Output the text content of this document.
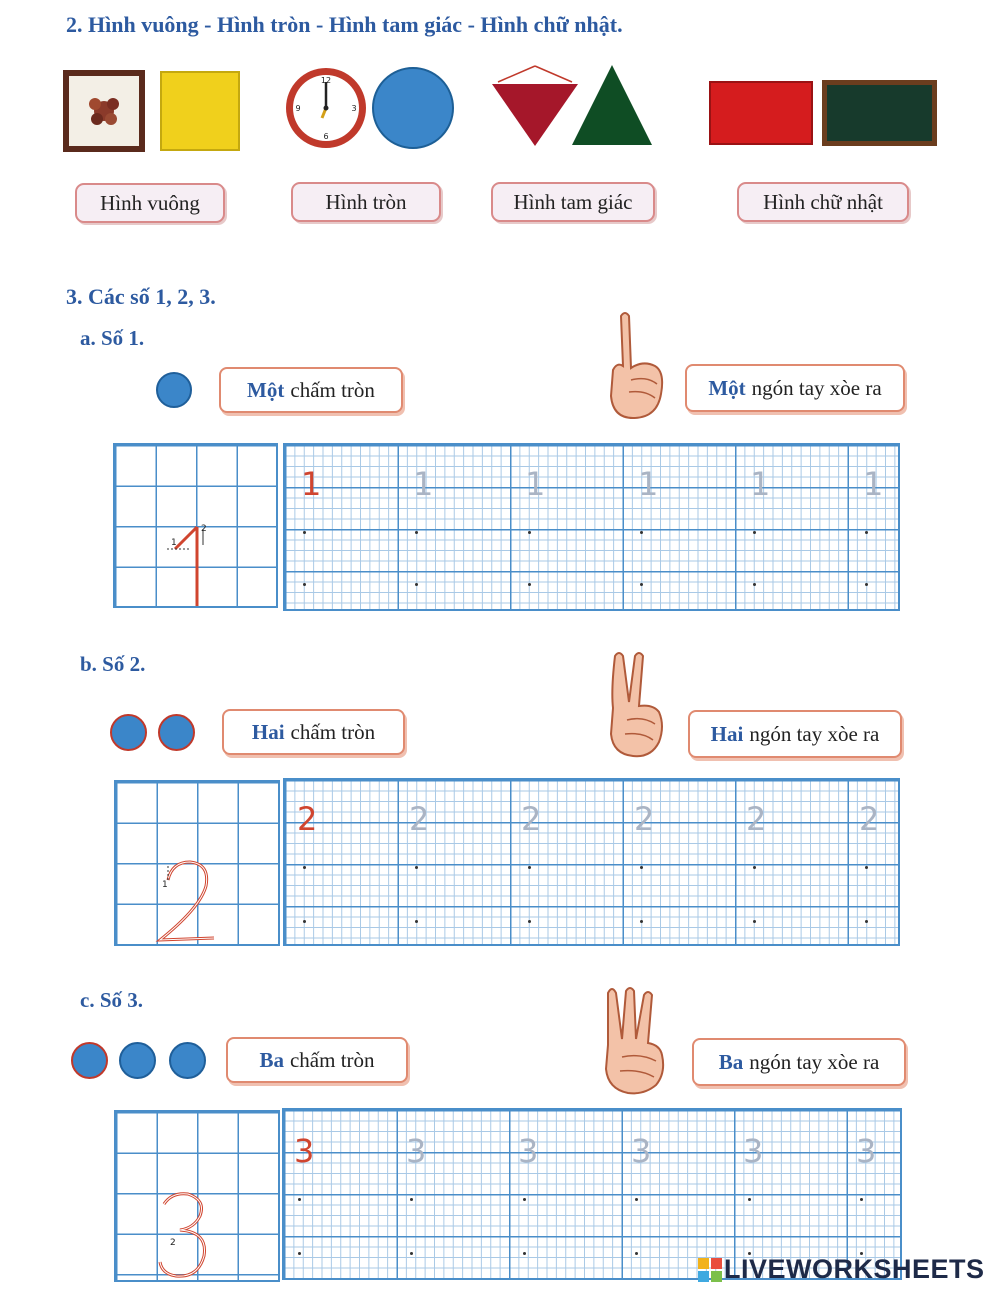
2. Hình vuông - Hình tròn - Hình tam giác - Hình chữ nhật.
12
6
3
9
Hình vuông	Hình tròn	Hình tam giác	Hình chữ nhật
3. Các số 1, 2, 3.
a. Số 1.
Một chấm tròn	Một ngón tay xòe ra
1
2
1	1	1	1	1	1
b. Số 2.
Hai chấm tròn	Hai ngón tay xòe ra
1
2	2	2	2	2	2
c. Số 3.
Ba chấm tròn	Ba ngón tay xòe ra
2
3	3	3	3	3	3
LIVEWORKSHEETS
